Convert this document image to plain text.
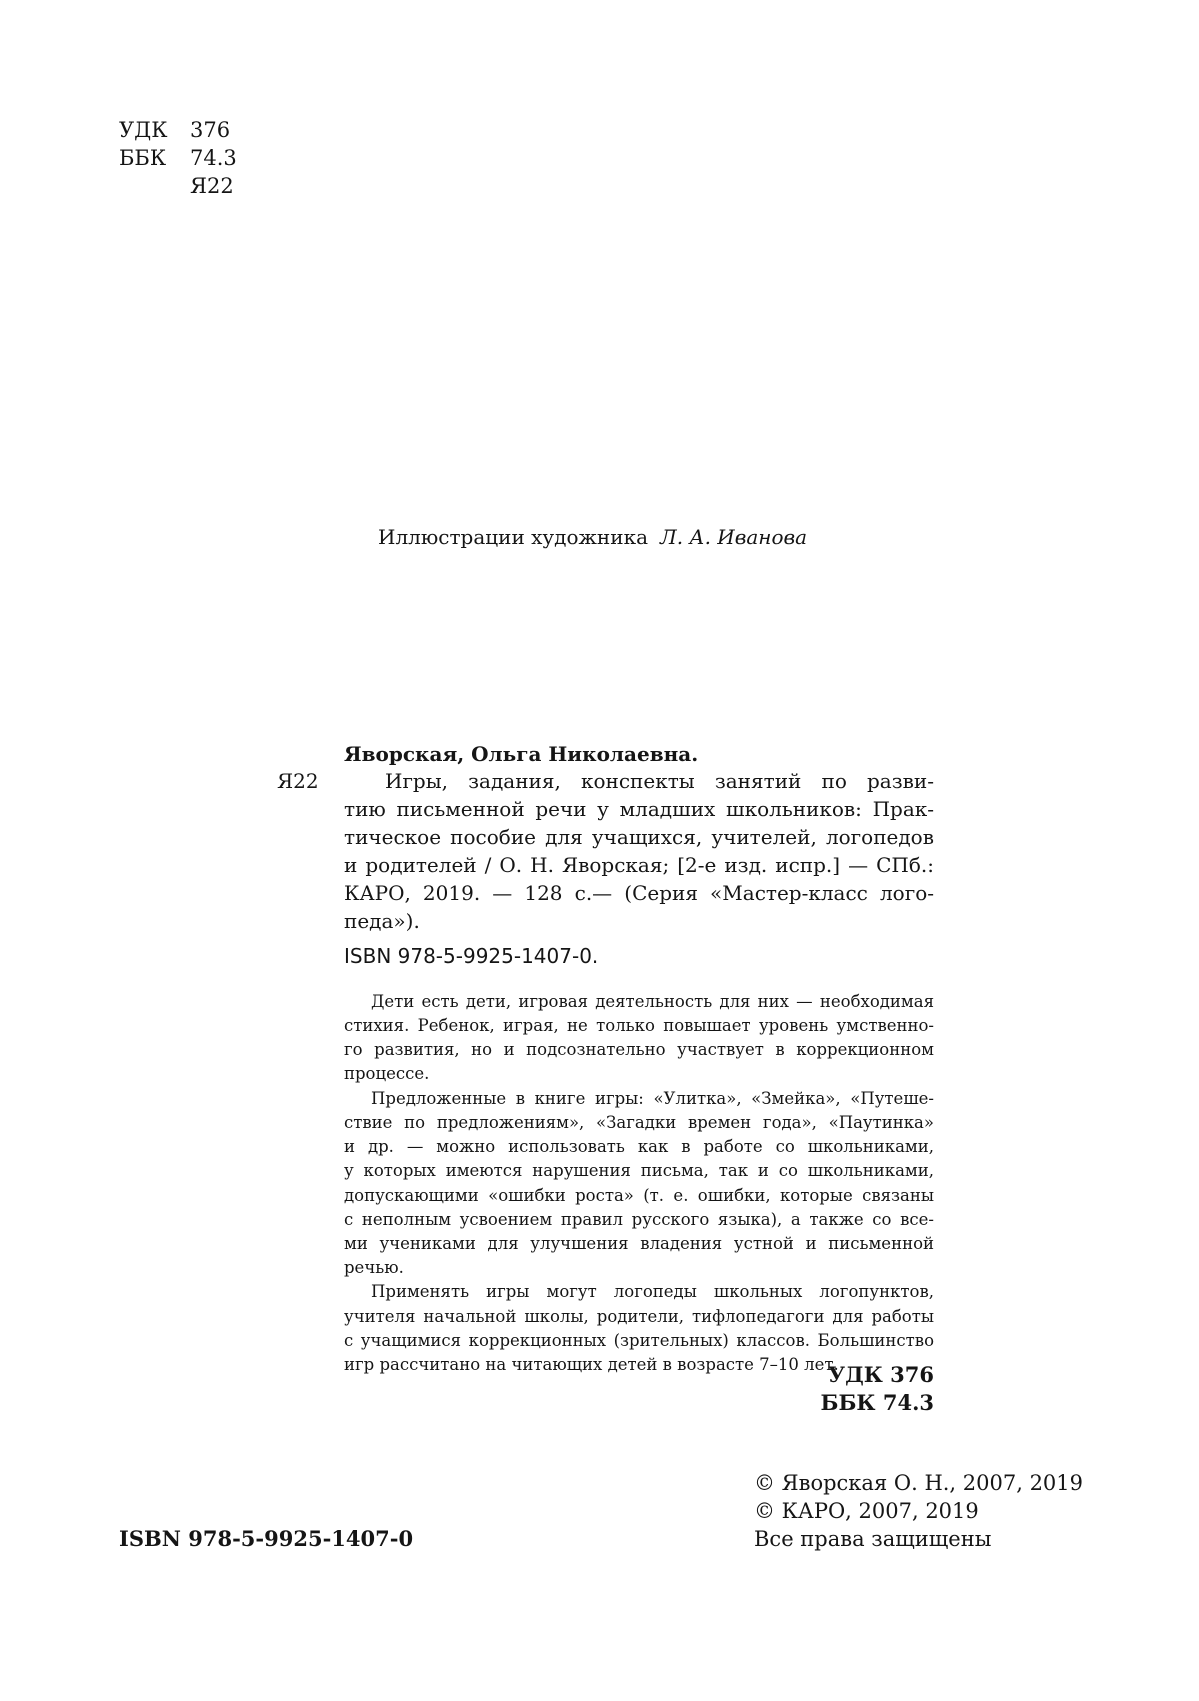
УДК 376
ББК 74.3
Я22
Иллюстрации художника Л. А. Иванова
Яворская, Ольга Николаевна.
Я22	Игры, задания, конспекты занятий по разви-
тию письменной речи у младших школьников: Прак-
тическое пособие для учащихся, учителей, логопедов
и родителей / О. Н. Яворская; [2-е изд. испр.] — СПб.:
КАРО, 2019. — 128 с.— (Серия «Мастер-класс лого-
педа»).
ISBN 978-5-9925-1407-0.
Дети есть дети, игровая деятельность для них — необходимая
стихия. Ребенок, играя, не только повышает уровень умственно-
го развития, но и подсознательно участвует в коррекционном
процессе.
Предложенные в книге игры: «Улитка», «Змейка», «Путеше-
ствие по предложениям», «Загадки времен года», «Паутинка»
и др. — можно использовать как в работе со школьниками,
у которых имеются нарушения письма, так и со школьниками,
допускающими «ошибки роста» (т. е. ошибки, которые связаны
с неполным усвоением правил русского языка), а также со все-
ми учениками для улучшения владения устной и письменной
речью.
Применять игры могут логопеды школьных логопунктов,
учителя начальной школы, родители, тифлопедагоги для работы
с учащимися коррекционных (зрительных) классов. Большинство
игр рассчитано на читающих детей в возрасте 7–10 лет.
УДК 376
ББК 74.3
© Яворская О. Н., 2007, 2019
© КАРО, 2007, 2019
Все права защищены
ISBN 978-5-9925-1407-0
